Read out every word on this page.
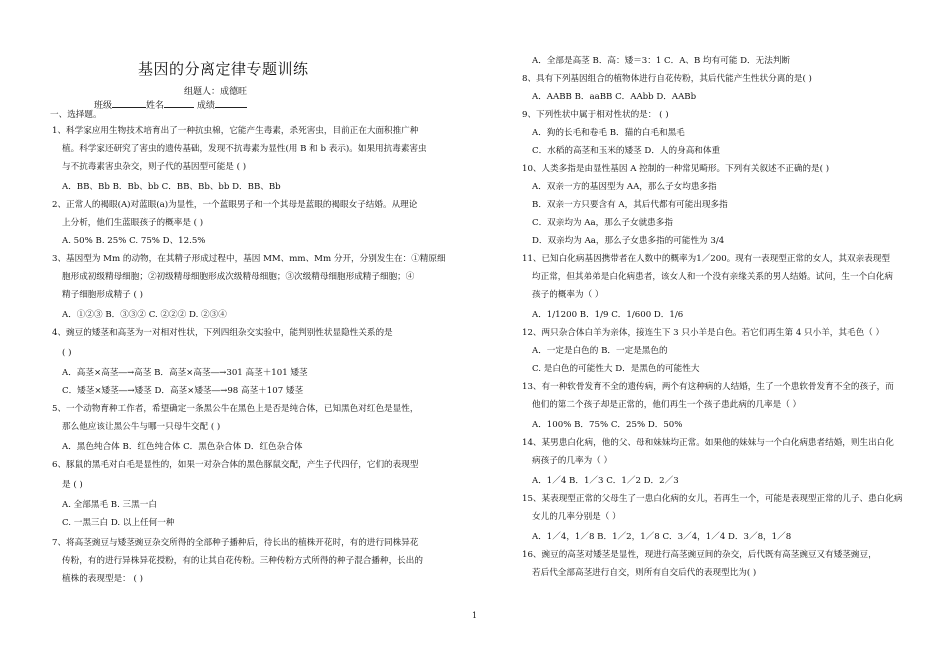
基因的分离定律专题训练
组题人：成德旺
班级	姓名	成绩
一、选择题。
1、科学家应用生物技术培育出了一种抗虫棉，它能产生毒素，杀死害虫，目前正在大面积推广种
植。科学家还研究了害虫的遗传基础，发现不抗毒素为显性(用 B 和 b 表示)。如果用抗毒素害虫
与不抗毒素害虫杂交，则子代的基因型可能是 ( )
A．BB、Bb B．Bb、bb C．BB、Bb、bb D．BB、Bb
2、正常人的褐眼(A)对蓝眼(a)为显性，一个蓝眼男子和一个其母是蓝眼的褐眼女子结婚。从理论
上分析，他们生蓝眼孩子的概率是 ( )
A. 50% B. 25% C. 75% D、12.5%
3、基因型为 Mm 的动物，在其精子形成过程中，基因 MM、mm、Mm 分开，分别发生在：①精原细
胞形成初级精母细胞；②初级精母细胞形成次级精母细胞；③次级精母细胞形成精子细胞；④
精子细胞形成精子 ( )
A．①②③ B．③③② C. ②②② D. ②③④
4、豌豆的矮茎和高茎为一对相对性状，下列四组杂交实验中，能判别性状显隐性关系的是
( )
A．高茎×高茎―→高茎 B．高茎×高茎―→301 高茎＋101 矮茎
C．矮茎×矮茎―→矮茎 D．高茎×矮茎―→98 高茎＋107 矮茎
5、一个动物育种工作者，希望确定一条黑公牛在黑色上是否是纯合体，已知黑色对红色是显性，
那么他应该让黑公牛与哪一只母牛交配 ( )
A．黑色纯合体 B．红色纯合体 C．黑色杂合体 D．红色杂合体
6、豚鼠的黑毛对白毛是显性的，如果一对杂合体的黑色豚鼠交配，产生子代四仔，它们的表现型
是 ( )
A. 全部黑毛 B. 三黑一白
C. 一黑三白 D. 以上任何一种
7、将高茎豌豆与矮茎豌豆杂交所得的全部种子播种后，待长出的植株开花时，有的进行同株异花
传粉，有的进行异株异花授粉，有的让其自花传粉。三种传粉方式所得的种子混合播种，长出的
植株的表现型是： ( )
A．全部是高茎 B．高：矮＝3：1 C．A、B 均有可能 D．无法判断
8、具有下列基因组合的植物体进行自花传粉，其后代能产生性状分离的是( )
A．AABB B．aaBB C．AAbb D．AABb
9、下列性状中属于相对性状的是： ( )
A．狗的长毛和卷毛 B．猫的白毛和黑毛
C．水稻的高茎和玉米的矮茎 D．人的身高和体重
10、人类多指是由显性基因 A 控制的一种常见畸形。下列有关叙述不正确的是( )
A．双亲一方的基因型为 AA，那么子女均患多指
B．双亲一方只要含有 A，其后代都有可能出现多指
C．双亲均为 Aa，那么子女就患多指
D．双亲均为 Aa，那么子女患多指的可能性为 3/4
11、已知白化病基因携带者在人数中的概率为1／200。现有一表现型正常的女人，其双亲表现型
均正常，但其弟弟是白化病患者，该女人和一个没有亲缘关系的男人结婚。试问，生一个白化病
孩子的概率为（ ）
A．1/1200 B．1/9 C．1/600 D．1/6
12、两只杂合体白羊为亲体，接连生下 3 只小羊是白色。若它们再生第 4 只小羊，其毛色（ ）
A．一定是白色的 B．一定是黑色的
C. 是白色的可能性大 D．是黑色的可能性大
13、有一种软骨发育不全的遗传病，两个有这种病的人结婚，生了一个患软骨发育不全的孩子，而
他们的第二个孩子却是正常的，他们再生一个孩子患此病的几率是（ ）
A．100% B．75% C．25% D．50%
14、某男患白化病，他的父、母和妹妹均正常。如果他的妹妹与一个白化病患者结婚，则生出白化
病孩子的几率为（ ）
A．1／4 B．1／3 C．1／2 D．2／3
15、某表现型正常的父母生了一患白化病的女儿，若再生一个，可能是表现型正常的儿子、患白化病
女儿的几率分别是（ ）
A．1／4，1／8 B．1／2，1／8 C．3／4，1／4 D．3／8，1／8
16、豌豆的高茎对矮茎是显性，现进行高茎豌豆间的杂交，后代既有高茎豌豆又有矮茎豌豆，
若后代全部高茎进行自交，则所有自交后代的表现型比为( )
1
